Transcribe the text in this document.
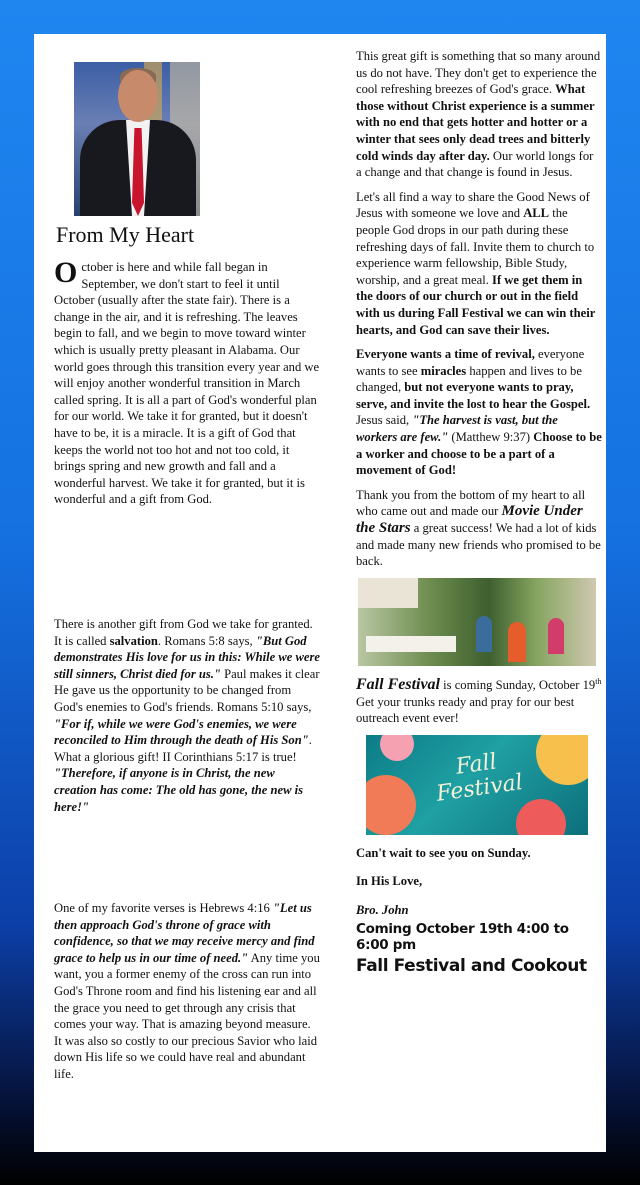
From My Heart
October is here and while fall began in September, we don't start to feel it until October (usually after the state fair). There is a change in the air, and it is refreshing. The leaves begin to fall, and we begin to move toward winter which is usually pretty pleasant in Alabama. Our world goes through this transition every year and we will enjoy another wonderful transition in March called spring. It is all a part of God's wonderful plan for our world. We take it for granted, but it doesn't have to be, it is a miracle. It is a gift of God that keeps the world not too hot and not too cold, it brings spring and new growth and fall and a wonderful harvest. We take it for granted, but it is wonderful and a gift from God.
There is another gift from God we take for granted. It is called salvation. Romans 5:8 says, "But God demonstrates His love for us in this: While we were still sinners, Christ died for us." Paul makes it clear He gave us the opportunity to be changed from God's enemies to God's friends. Romans 5:10 says, "For if, while we were God's enemies, we were reconciled to Him through the death of His Son". What a glorious gift! II Corinthians 5:17 is true! "Therefore, if anyone is in Christ, the new creation has come: The old has gone, the new is here!"
One of my favorite verses is Hebrews 4:16 "Let us then approach God's throne of grace with confidence, so that we may receive mercy and find grace to help us in our time of need." Any time you want, you a former enemy of the cross can run into God's Throne room and find his listening ear and all the grace you need to get through any crisis that comes your way. That is amazing beyond measure. It was also so costly to our precious Savior who laid down His life so we could have real and abundant life.
This great gift is something that so many around us do not have. They don't get to experience the cool refreshing breezes of God's grace. What those without Christ experience is a summer with no end that gets hotter and hotter or a winter that sees only dead trees and bitterly cold winds day after day. Our world longs for a change and that change is found in Jesus.
Let's all find a way to share the Good News of Jesus with someone we love and ALL the people God drops in our path during these refreshing days of fall. Invite them to church to experience warm fellowship, Bible Study, worship, and a great meal. If we get them in the doors of our church or out in the field with us during Fall Festival we can win their hearts, and God can save their lives.
Everyone wants a time of revival, everyone wants to see miracles happen and lives to be changed, but not everyone wants to pray, serve, and invite the lost to hear the Gospel. Jesus said, "The harvest is vast, but the workers are few." (Matthew 9:37) Choose to be a worker and choose to be a part of a movement of God!
Thank you from the bottom of my heart to all who came out and made our Movie Under the Stars a great success! We had a lot of kids and made many new friends who promised to be back.
Fall Festival is coming Sunday, October 19th Get your trunks ready and pray for our best outreach event ever!
Fall Festival

Can't wait to see you on Sunday.

In His Love,

Bro. John

Coming October 19th 4:00 to 6:00 pm

Fall Festival and Cookout
